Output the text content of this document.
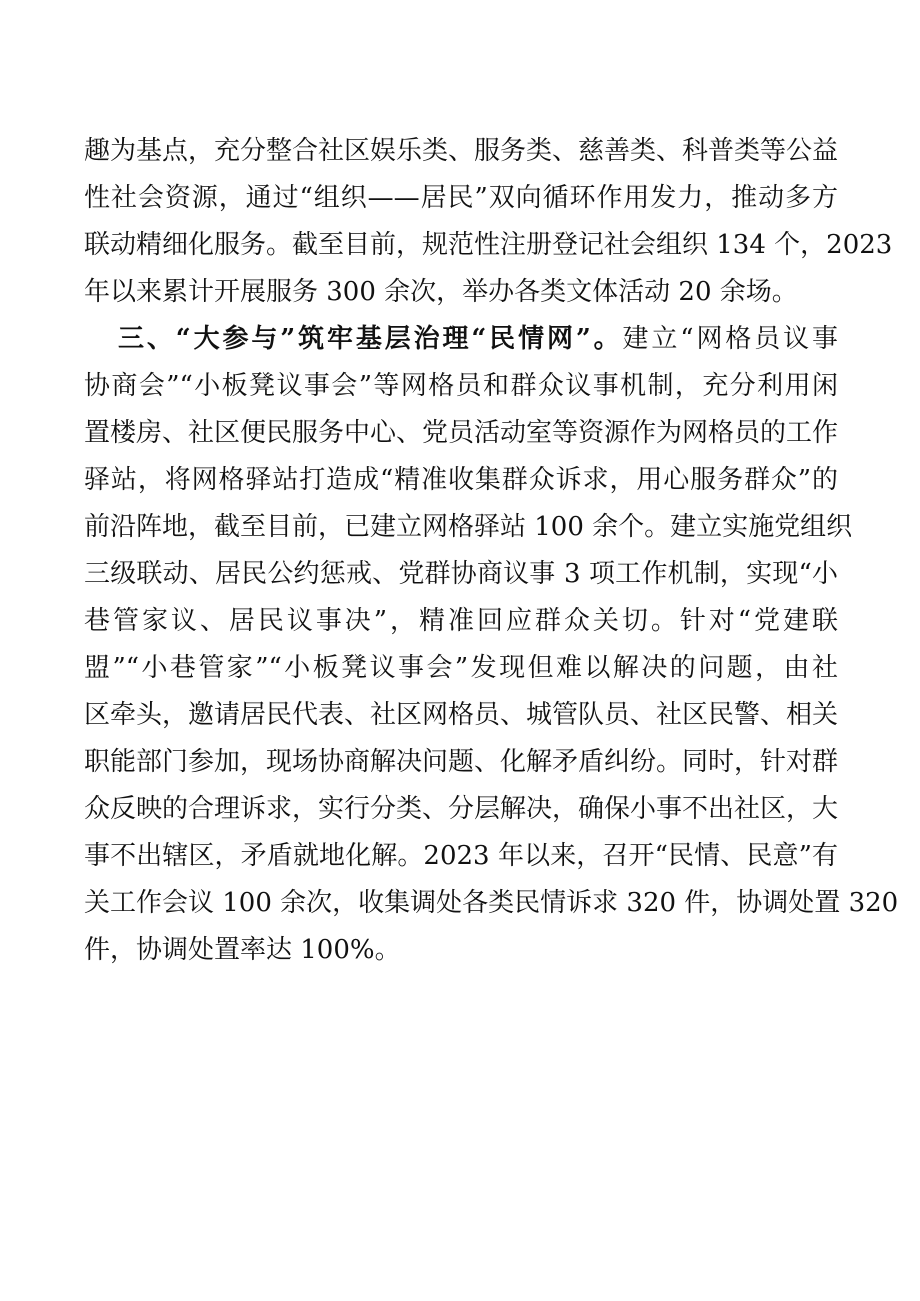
趣为基点，充分整合社区娱乐类、服务类、慈善类、科普类等公益
性社会资源，通过“组织——居民”双向循环作用发力，推动多方
联动精细化服务。截至目前，规范性注册登记社会组织 134 个，2023
年以来累计开展服务 300 余次，举办各类文体活动 20 余场。
三、“大参与”筑牢基层治理“民情网”。建立“网格员议事
协商会”“小板凳议事会”等网格员和群众议事机制，充分利用闲
置楼房、社区便民服务中心、党员活动室等资源作为网格员的工作
驿站，将网格驿站打造成“精准收集群众诉求，用心服务群众”的
前沿阵地，截至目前，已建立网格驿站 100 余个。建立实施党组织
三级联动、居民公约惩戒、党群协商议事 3 项工作机制，实现“小
巷管家议、居民议事决”，精准回应群众关切。针对“党建联
盟”“小巷管家”“小板凳议事会”发现但难以解决的问题，由社
区牵头，邀请居民代表、社区网格员、城管队员、社区民警、相关
职能部门参加，现场协商解决问题、化解矛盾纠纷。同时，针对群
众反映的合理诉求，实行分类、分层解决，确保小事不出社区，大
事不出辖区，矛盾就地化解。2023 年以来，召开“民情、民意”有
关工作会议 100 余次，收集调处各类民情诉求 320 件，协调处置 320
件，协调处置率达 100%。
